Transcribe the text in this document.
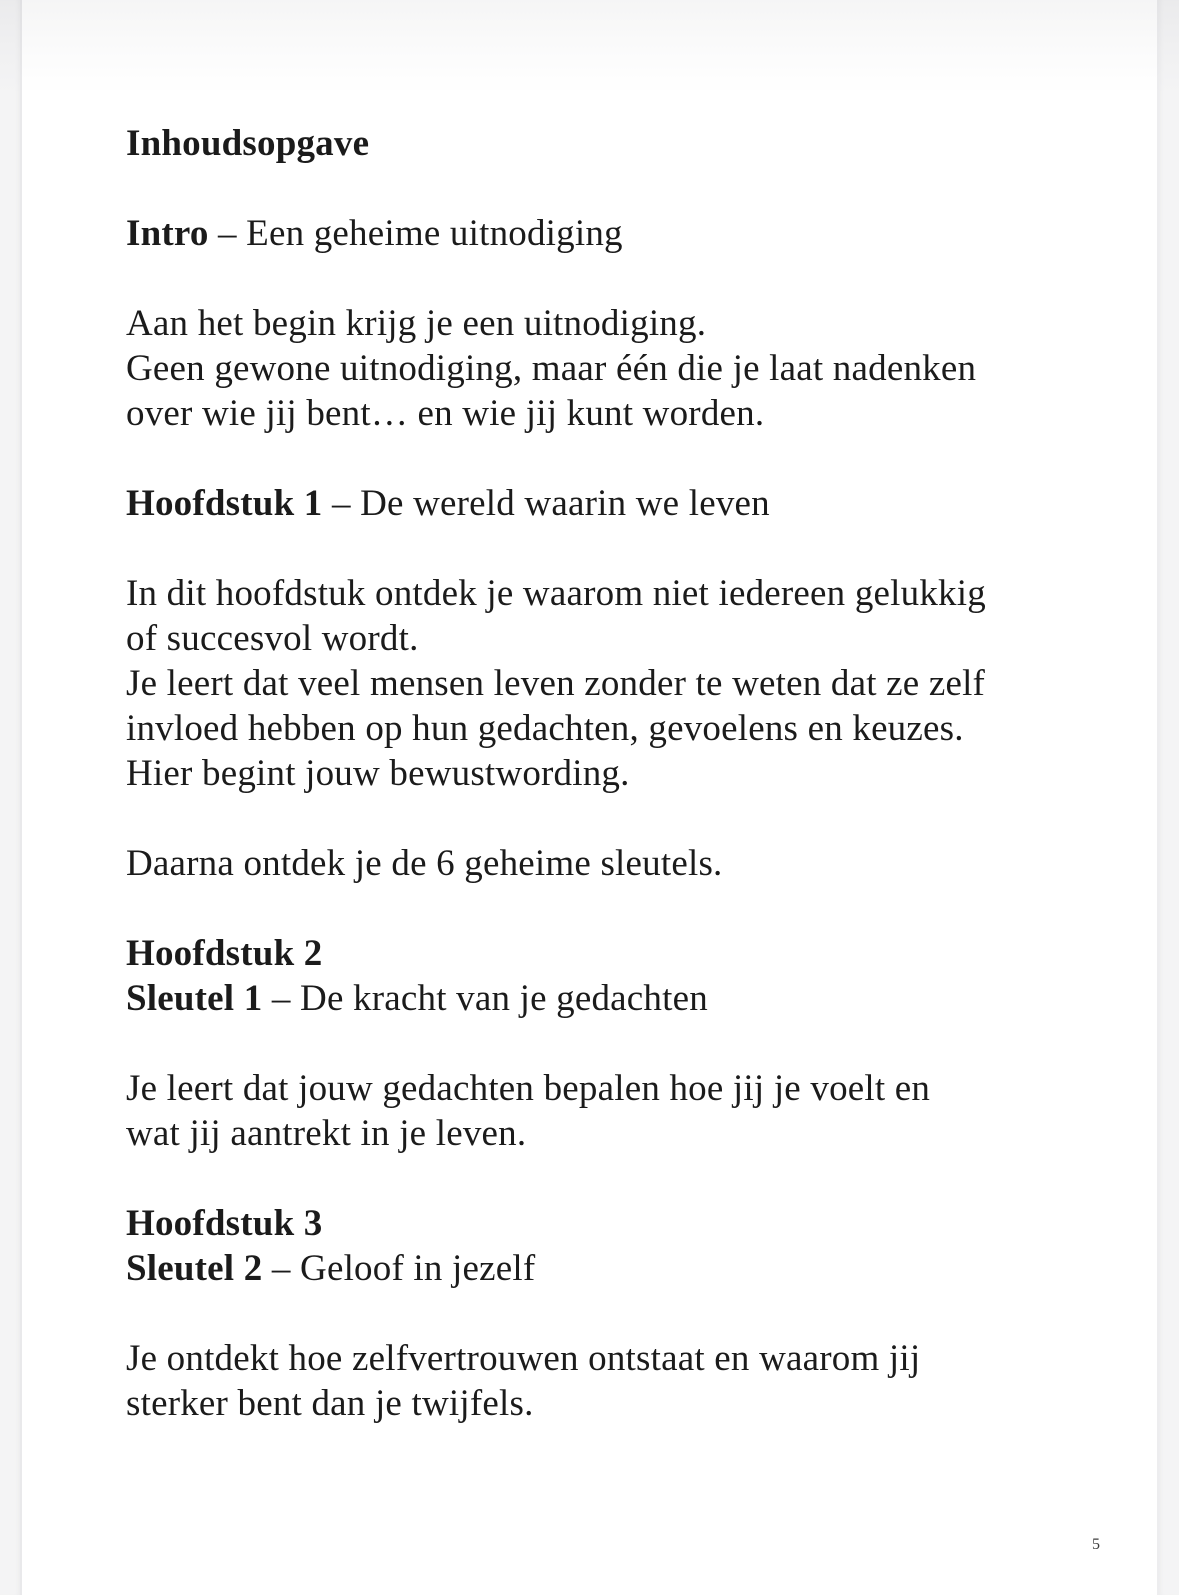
Inhoudsopgave
Intro – Een geheime uitnodiging
Aan het begin krijg je een uitnodiging.
Geen gewone uitnodiging, maar één die je laat nadenken
over wie jij bent… en wie jij kunt worden.
Hoofdstuk 1 – De wereld waarin we leven
In dit hoofdstuk ontdek je waarom niet iedereen gelukkig
of succesvol wordt.
Je leert dat veel mensen leven zonder te weten dat ze zelf
invloed hebben op hun gedachten, gevoelens en keuzes.
Hier begint jouw bewustwording.
Daarna ontdek je de 6 geheime sleutels.
Hoofdstuk 2
Sleutel 1 – De kracht van je gedachten
Je leert dat jouw gedachten bepalen hoe jij je voelt en
wat jij aantrekt in je leven.
Hoofdstuk 3
Sleutel 2 – Geloof in jezelf
Je ontdekt hoe zelfvertrouwen ontstaat en waarom jij
sterker bent dan je twijfels.
5
